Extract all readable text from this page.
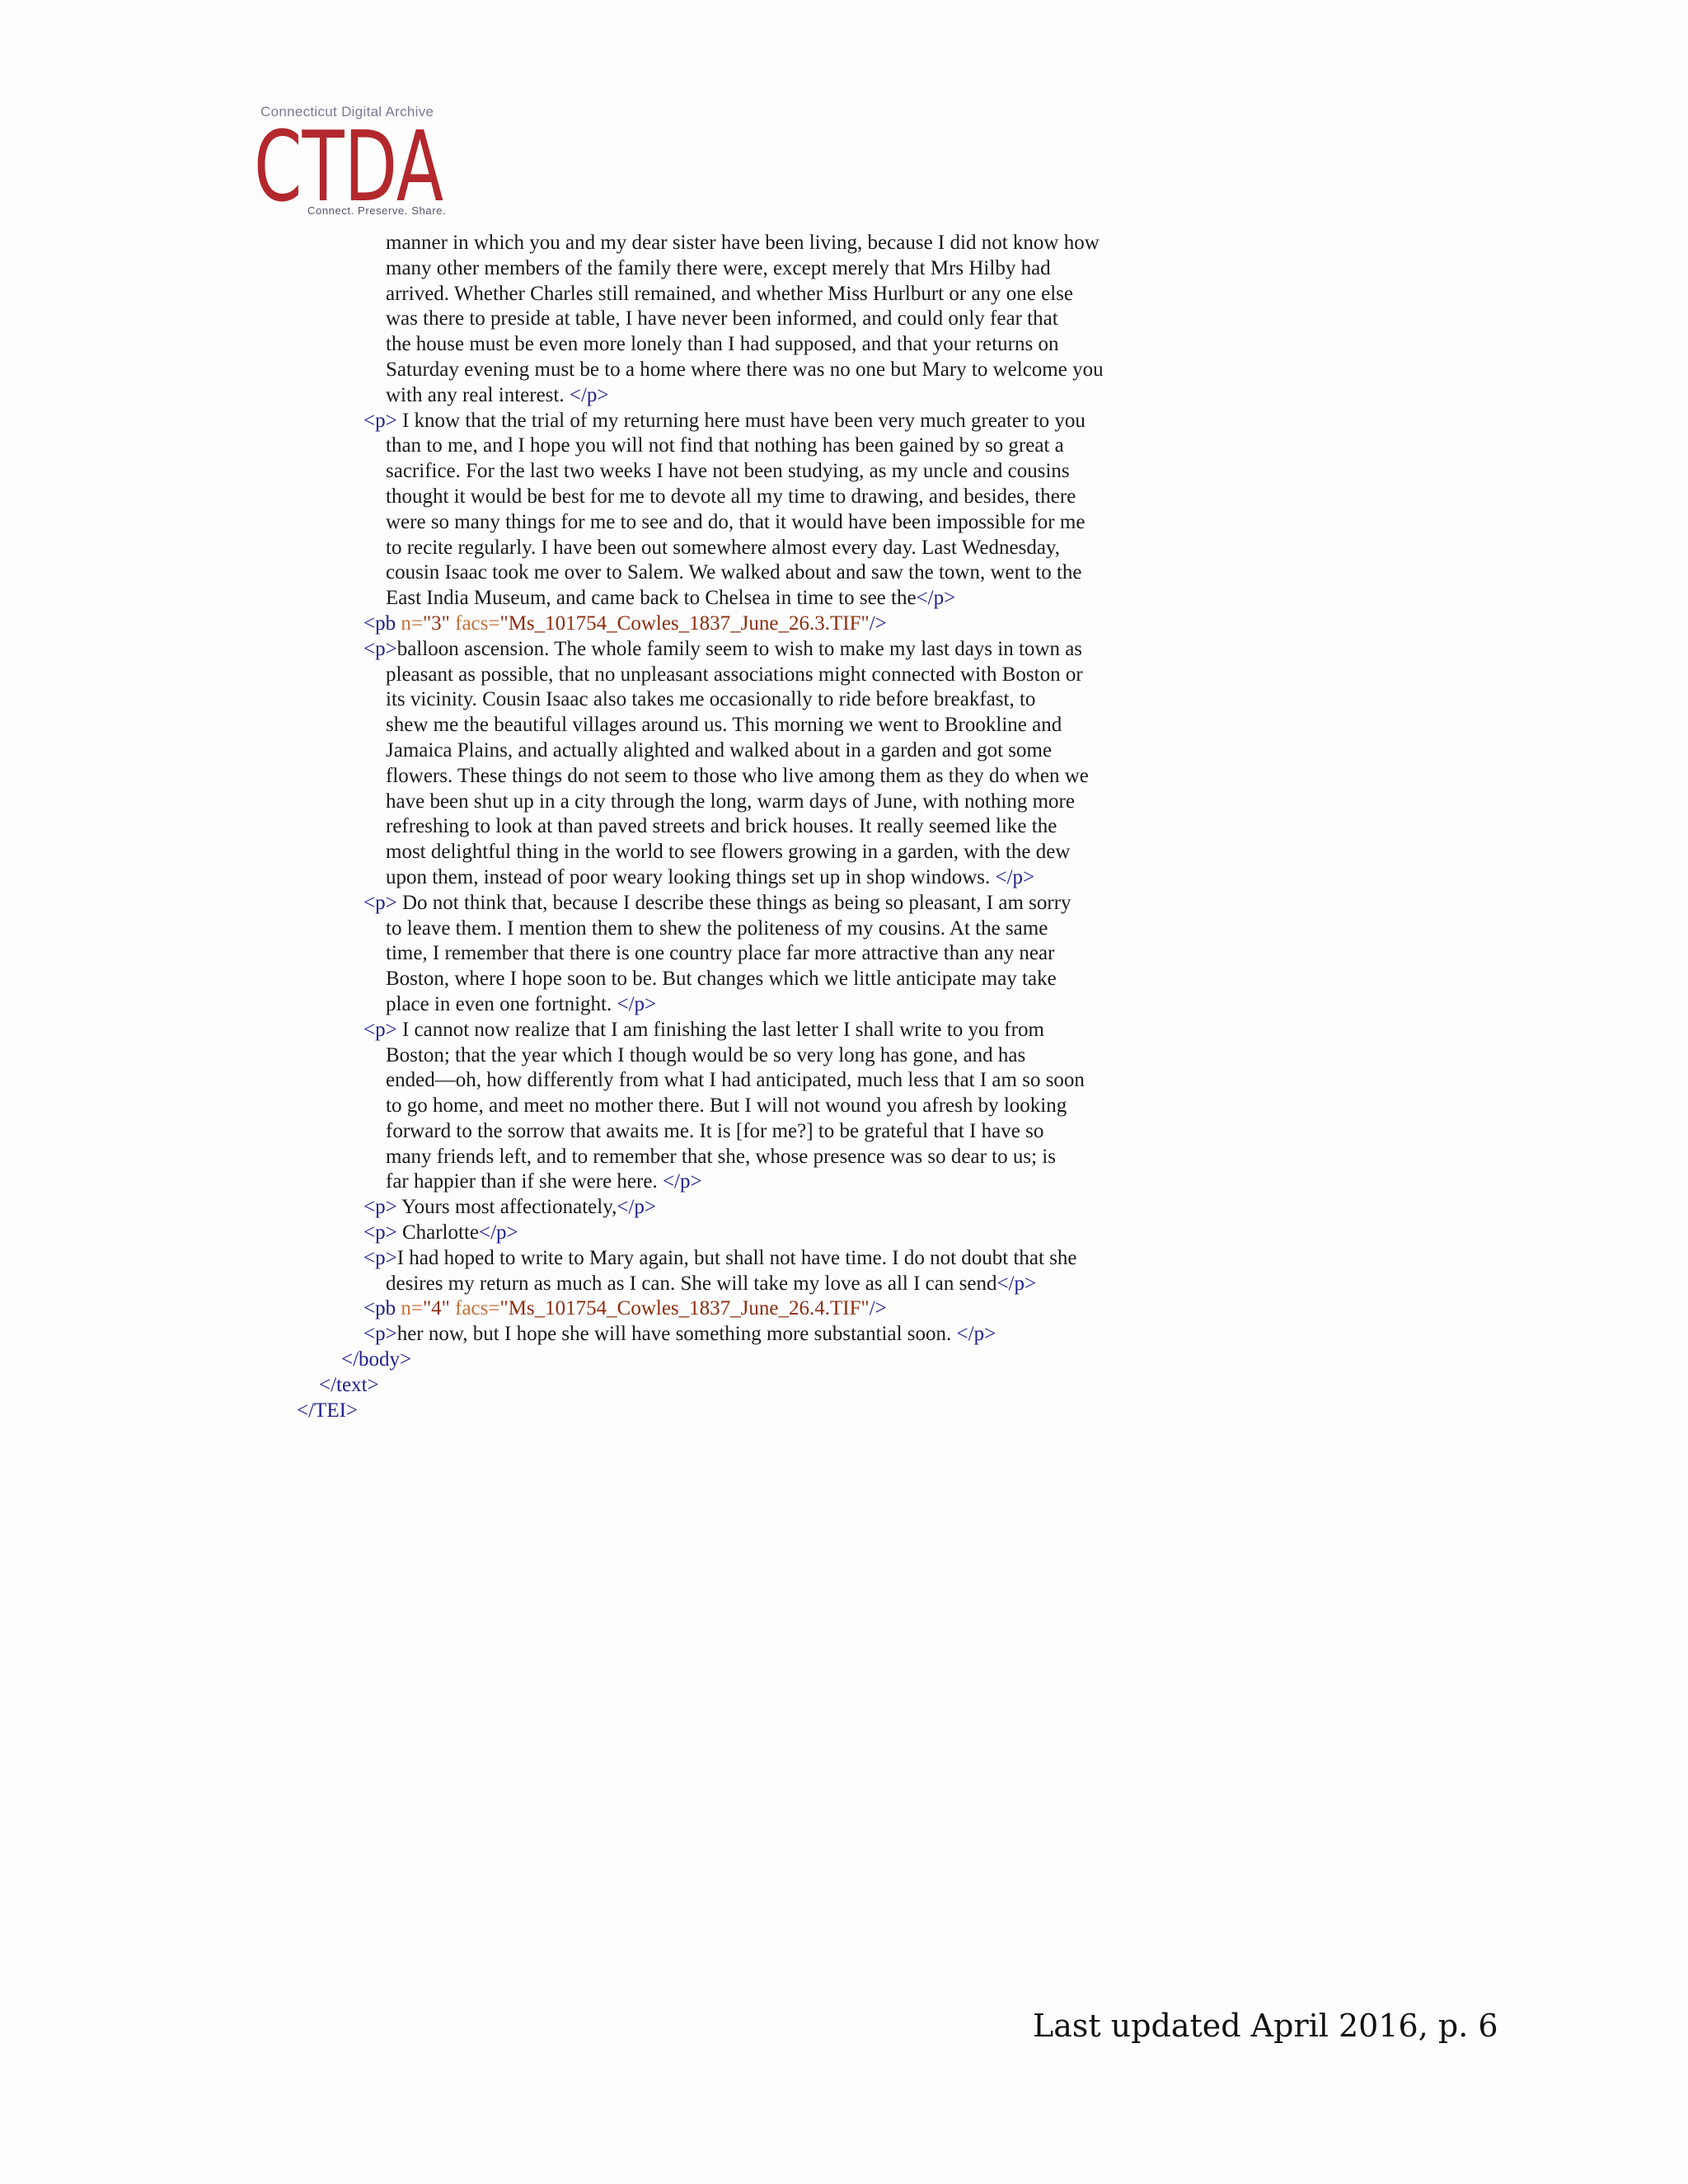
Connecticut Digital Archive
CTDA
Connect. Preserve. Share.
manner in which you and my dear sister have been living, because I did not know how
many other members of the family there were, except merely that Mrs Hilby had
arrived. Whether Charles still remained, and whether Miss Hurlburt or any one else
was there to preside at table, I have never been informed, and could only fear that
the house must be even more lonely than I had supposed, and that your returns on
Saturday evening must be to a home where there was no one but Mary to welcome you
with any real interest. </p>
<p> I know that the trial of my returning here must have been very much greater to you
than to me, and I hope you will not find that nothing has been gained by so great a
sacrifice. For the last two weeks I have not been studying, as my uncle and cousins
thought it would be best for me to devote all my time to drawing, and besides, there
were so many things for me to see and do, that it would have been impossible for me
to recite regularly. I have been out somewhere almost every day. Last Wednesday,
cousin Isaac took me over to Salem. We walked about and saw the town, went to the
East India Museum, and came back to Chelsea in time to see the</p>
<pb n="3" facs="Ms_101754_Cowles_1837_June_26.3.TIF"/>
<p>balloon ascension. The whole family seem to wish to make my last days in town as
pleasant as possible, that no unpleasant associations might connected with Boston or
its vicinity. Cousin Isaac also takes me occasionally to ride before breakfast, to
shew me the beautiful villages around us. This morning we went to Brookline and
Jamaica Plains, and actually alighted and walked about in a garden and got some
flowers. These things do not seem to those who live among them as they do when we
have been shut up in a city through the long, warm days of June, with nothing more
refreshing to look at than paved streets and brick houses. It really seemed like the
most delightful thing in the world to see flowers growing in a garden, with the dew
upon them, instead of poor weary looking things set up in shop windows. </p>
<p> Do not think that, because I describe these things as being so pleasant, I am sorry
to leave them. I mention them to shew the politeness of my cousins. At the same
time, I remember that there is one country place far more attractive than any near
Boston, where I hope soon to be. But changes which we little anticipate may take
place in even one fortnight. </p>
<p> I cannot now realize that I am finishing the last letter I shall write to you from
Boston; that the year which I though would be so very long has gone, and has
ended—oh, how differently from what I had anticipated, much less that I am so soon
to go home, and meet no mother there. But I will not wound you afresh by looking
forward to the sorrow that awaits me. It is [for me?] to be grateful that I have so
many friends left, and to remember that she, whose presence was so dear to us; is
far happier than if she were here. </p>
<p> Yours most affectionately,</p>
<p> Charlotte</p>
<p>I had hoped to write to Mary again, but shall not have time. I do not doubt that she
desires my return as much as I can. She will take my love as all I can send</p>
<pb n="4" facs="Ms_101754_Cowles_1837_June_26.4.TIF"/>
<p>her now, but I hope she will have something more substantial soon. </p>
</body>
</text>
</TEI>
Last updated April 2016, p. 6
